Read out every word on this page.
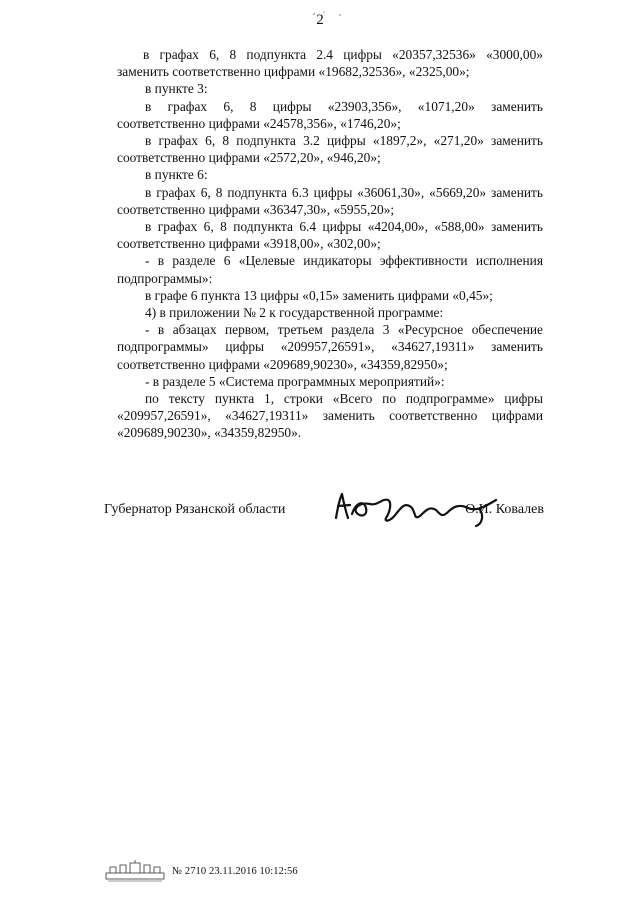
2

в графах 6, 8 подпункта 2.4 цифры «20357,32536» «3000,00» заменить соответственно цифрами «19682,32536», «2325,00»;

в пункте 3:

в графах 6, 8 цифры «23903,356», «1071,20» заменить соответственно цифрами «24578,356», «1746,20»;

в графах 6, 8 подпункта 3.2 цифры «1897,2», «271,20» заменить соответственно цифрами «2572,20», «946,20»;

в пункте 6:

в графах 6, 8 подпункта 6.3 цифры «36061,30», «5669,20» заменить соответственно цифрами «36347,30», «5955,20»;

в графах 6, 8 подпункта 6.4 цифры «4204,00», «588,00» заменить соответственно цифрами «3918,00», «302,00»;

- в разделе 6 «Целевые индикаторы эффективности исполнения подпрограммы»:

в графе 6 пункта 13 цифры «0,15» заменить цифрами «0,45»;

4) в приложении № 2 к государственной программе:

- в абзацах первом, третьем раздела 3 «Ресурсное обеспечение подпрограммы» цифры «209957,26591», «34627,19311» заменить соответственно цифрами «209689,90230», «34359,82950»;

- в разделе 5 «Система программных мероприятий»:

по тексту пункта 1, строки «Всего по подпрограмме» цифры «209957,26591», «34627,19311» заменить соответственно цифрами «209689,90230», «34359,82950».

Губернатор Рязанской области	О.И. Ковалев
№ 2710 23.11.2016 10:12:56
